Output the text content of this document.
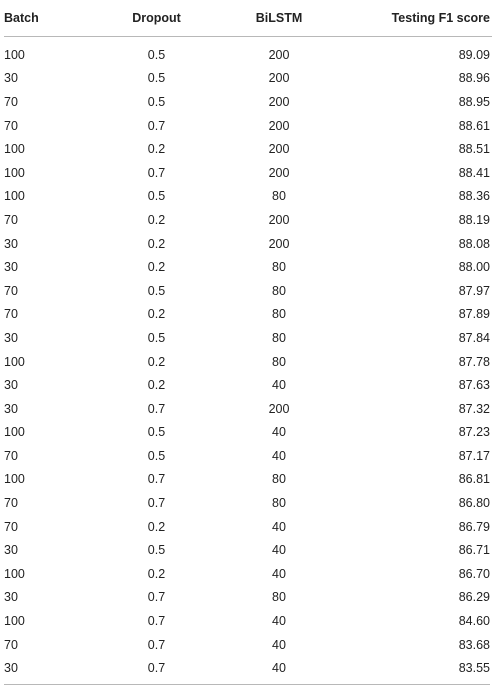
Batch	Dropout	BiLSTM	Testing F1 score
100	0.5	200	89.09
30	0.5	200	88.96
70	0.5	200	88.95
70	0.7	200	88.61
100	0.2	200	88.51
100	0.7	200	88.41
100	0.5	80	88.36
70	0.2	200	88.19
30	0.2	200	88.08
30	0.2	80	88.00
70	0.5	80	87.97
70	0.2	80	87.89
30	0.5	80	87.84
100	0.2	80	87.78
30	0.2	40	87.63
30	0.7	200	87.32
100	0.5	40	87.23
70	0.5	40	87.17
100	0.7	80	86.81
70	0.7	80	86.80
70	0.2	40	86.79
30	0.5	40	86.71
100	0.2	40	86.70
30	0.7	80	86.29
100	0.7	40	84.60
70	0.7	40	83.68
30	0.7	40	83.55
